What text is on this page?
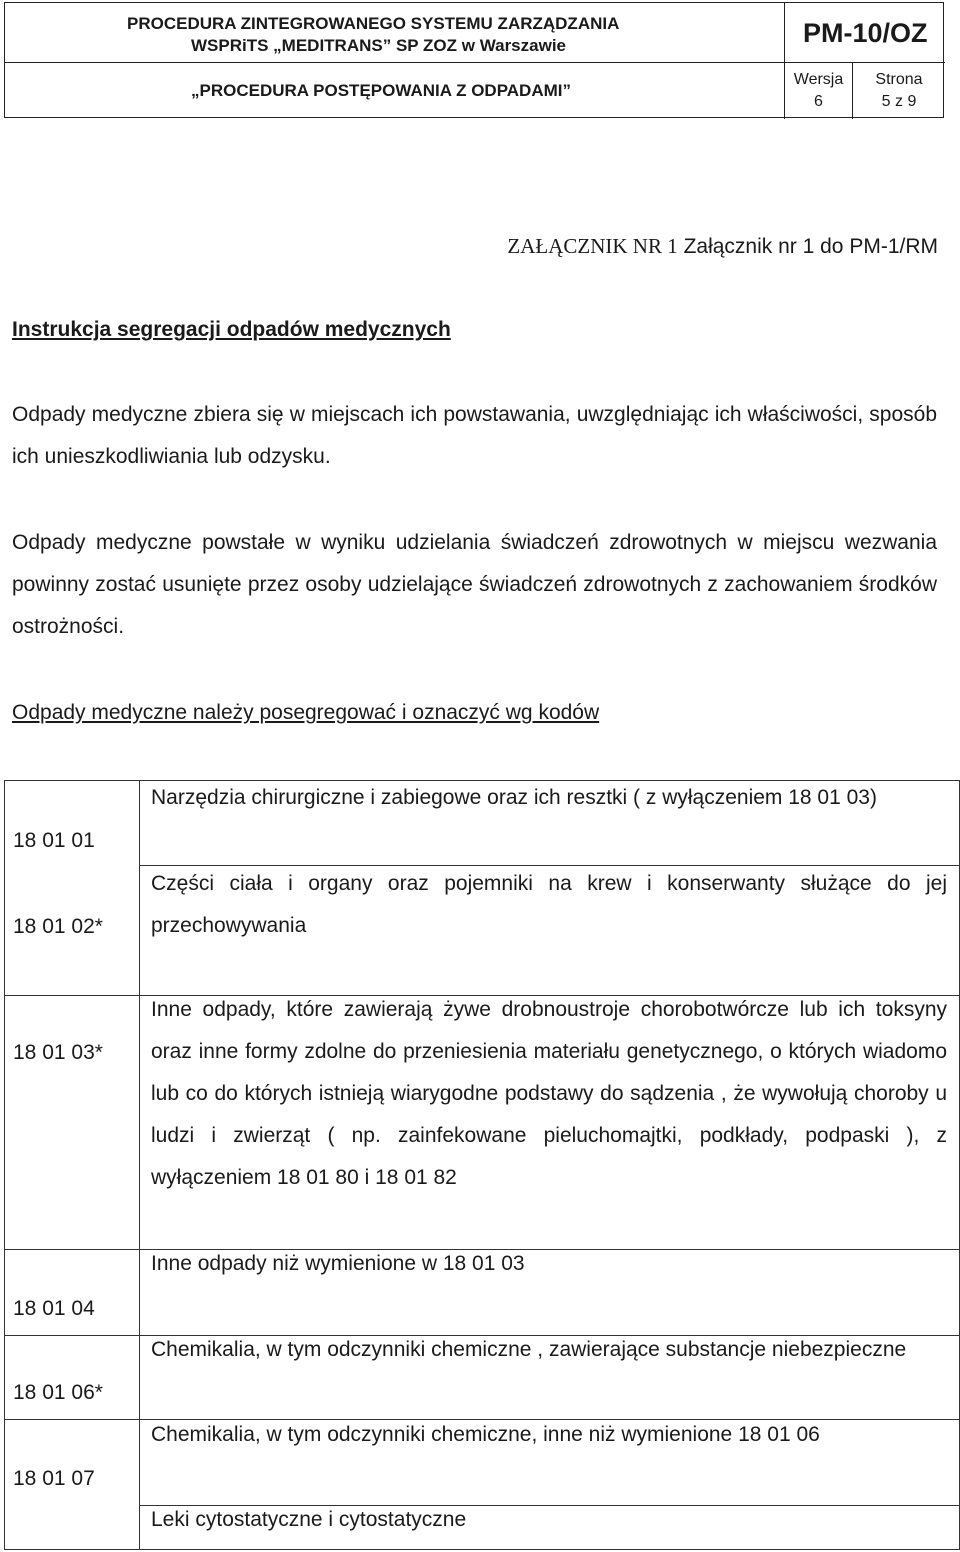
PROCEDURA ZINTEGROWANEGO SYSTEMU ZARZĄDZANIA
WSPRiTS „MEDITRANS” SP ZOZ w Warszawie	PM-10/OZ
„PROCEDURA POSTĘPOWANIA Z ODPADAMI”
Wersja
6
Strona
5 z 9
ZAŁĄCZNIK NR 1 Załącznik nr 1 do PM-1/RM
Instrukcja segregacji odpadów medycznych
Odpady medyczne zbiera się w miejscach ich powstawania, uwzględniając ich właściwości, sposób ich unieszkodliwiania lub odzysku.
Odpady medyczne powstałe w wyniku udzielania świadczeń zdrowotnych w miejscu wezwania powinny zostać usunięte przez osoby udzielające świadczeń zdrowotnych z zachowaniem środków ostrożności.
Odpady medyczne należy posegregować i oznaczyć wg kodów
18 01 01
Narzędzia chirurgiczne i zabiegowe oraz ich resztki ( z wyłączeniem 18 01 03)
18 01 02*
Części ciała i organy oraz pojemniki na krew i konserwanty służące do jej przechowywania
18 01 03*
Inne odpady, które zawierają żywe drobnoustroje chorobotwórcze lub ich toksyny oraz inne formy zdolne do przeniesienia materiału genetycznego, o których wiadomo lub co do których istnieją wiarygodne podstawy do sądzenia , że wywołują choroby u ludzi i zwierząt ( np. zainfekowane pieluchomajtki, podkłady, podpaski ), z wyłączeniem 18 01 80 i 18 01 82
18 01 04
Inne odpady niż wymienione w 18 01 03
18 01 06*
Chemikalia, w tym odczynniki chemiczne , zawierające substancje niebezpieczne
18 01 07
Chemikalia, w tym odczynniki chemiczne, inne niż wymienione 18 01 06
Leki cytostatyczne i cytostatyczne
